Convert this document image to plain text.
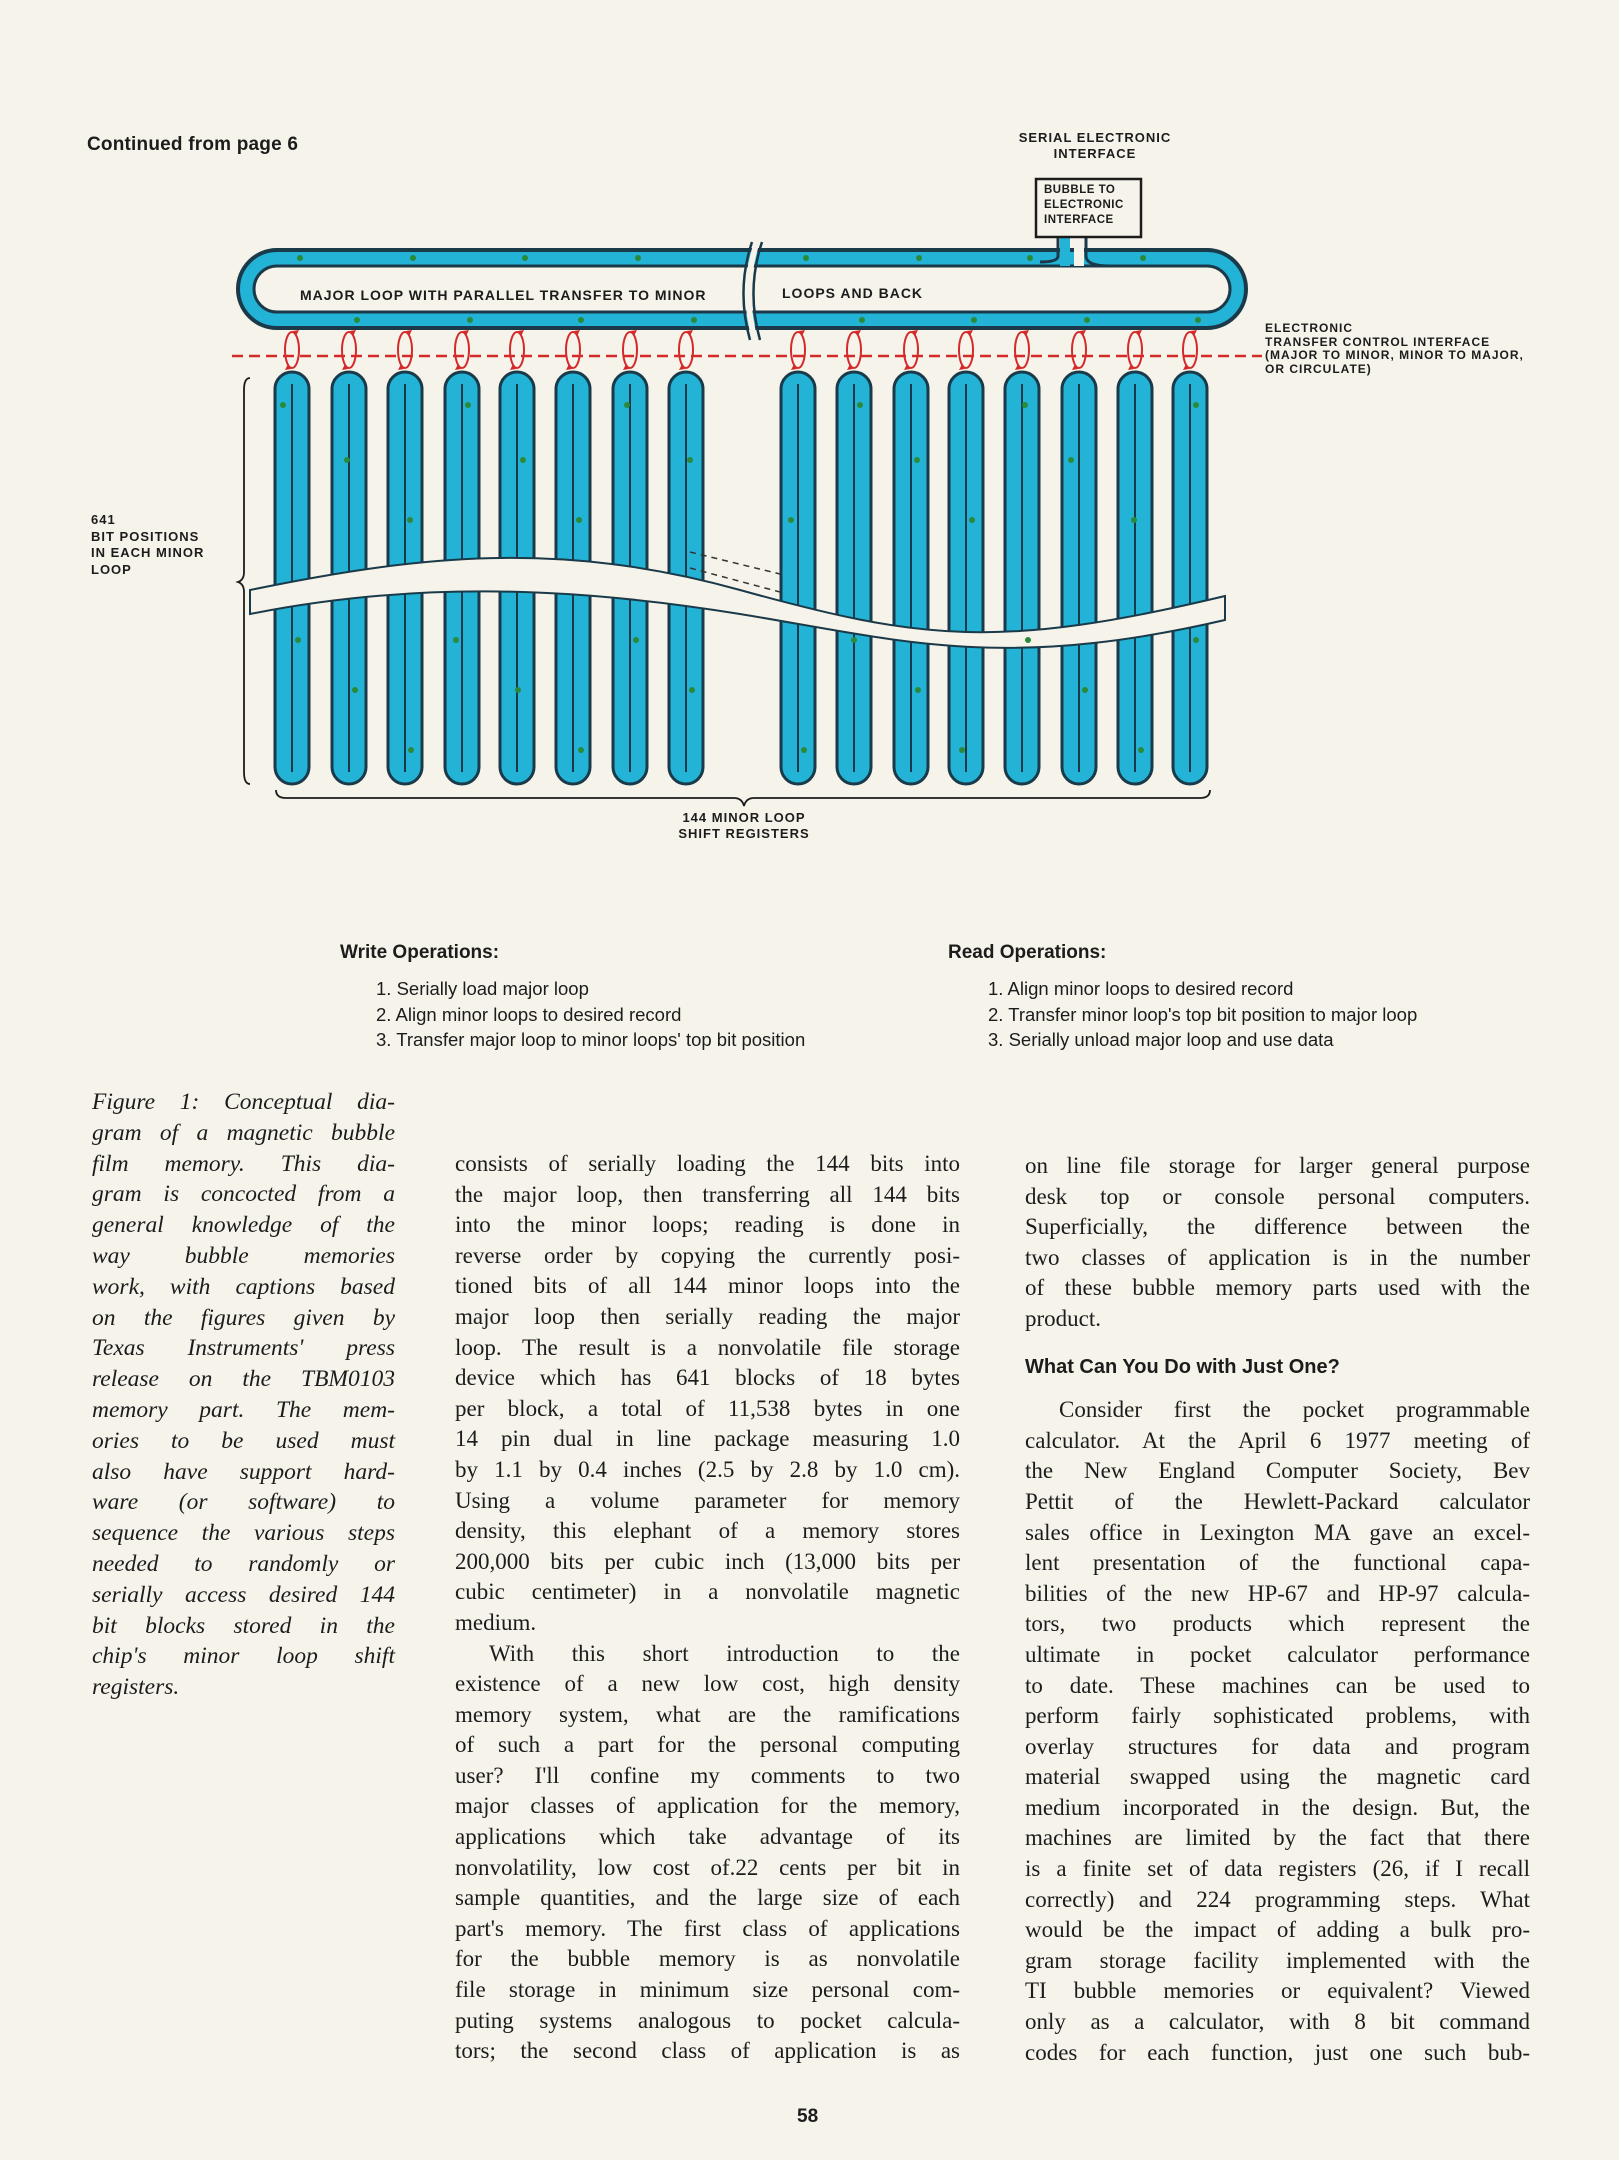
Continued from page 6	SERIAL ELECTRONIC
INTERFACE
BUBBLE TO
ELECTRONIC
INTERFACE
MAJOR LOOP WITH PARALLEL TRANSFER TO MINOR	LOOPS AND BACK
ELECTRONIC
TRANSFER CONTROL INTERFACE
(MAJOR TO MINOR, MINOR TO MAJOR,
OR CIRCULATE)
641
BIT POSITIONS
IN EACH MINOR
LOOP
144 MINOR LOOP
SHIFT REGISTERS
Write Operations:
1. Serially load major loop
2. Align minor loops to desired record
3. Transfer major loop to minor loops' top bit position
Read Operations:
1. Align minor loops to desired record
2. Transfer minor loop's top bit position to major loop
3. Serially unload major loop and use data
Figure 1: Conceptual dia-
gram of a magnetic bubble
film memory. This dia-
gram is concocted from a
general knowledge of the
way bubble memories
work, with captions based
on the figures given by
Texas Instruments' press
release on the TBM0103
memory part. The mem-
ories to be used must
also have support hard-
ware (or software) to
sequence the various steps
needed to randomly or
serially access desired 144
bit blocks stored in the
chip's minor loop shift
registers.
consists of serially loading the 144 bits into
the major loop, then transferring all 144 bits
into the minor loops; reading is done in
reverse order by copying the currently posi-
tioned bits of all 144 minor loops into the
major loop then serially reading the major
loop. The result is a nonvolatile file storage
device which has 641 blocks of 18 bytes
per block, a total of 11,538 bytes in one
14 pin dual in line package measuring 1.0
by 1.1 by 0.4 inches (2.5 by 2.8 by 1.0 cm).
Using a volume parameter for memory
density, this elephant of a memory stores
200,000 bits per cubic inch (13,000 bits per
cubic centimeter) in a nonvolatile magnetic
medium.
With this short introduction to the
existence of a new low cost, high density
memory system, what are the ramifications
of such a part for the personal computing
user? I'll confine my comments to two
major classes of application for the memory,
applications which take advantage of its
nonvolatility, low cost of.22 cents per bit in
sample quantities, and the large size of each
part's memory. The first class of applications
for the bubble memory is as nonvolatile
file storage in minimum size personal com-
puting systems analogous to pocket calcula-
tors; the second class of application is as
on line file storage for larger general purpose
desk top or console personal computers.
Superficially, the difference between the
two classes of application is in the number
of these bubble memory parts used with the
product.
What Can You Do with Just One?
Consider first the pocket programmable
calculator. At the April 6 1977 meeting of
the New England Computer Society, Bev
Pettit of the Hewlett-Packard calculator
sales office in Lexington MA gave an excel-
lent presentation of the functional capa-
bilities of the new HP-67 and HP-97 calcula-
tors, two products which represent the
ultimate in pocket calculator performance
to date. These machines can be used to
perform fairly sophisticated problems, with
overlay structures for data and program
material swapped using the magnetic card
medium incorporated in the design. But, the
machines are limited by the fact that there
is a finite set of data registers (26, if I recall
correctly) and 224 programming steps. What
would be the impact of adding a bulk pro-
gram storage facility implemented with the
TI bubble memories or equivalent? Viewed
only as a calculator, with 8 bit command
codes for each function, just one such bub-
58
